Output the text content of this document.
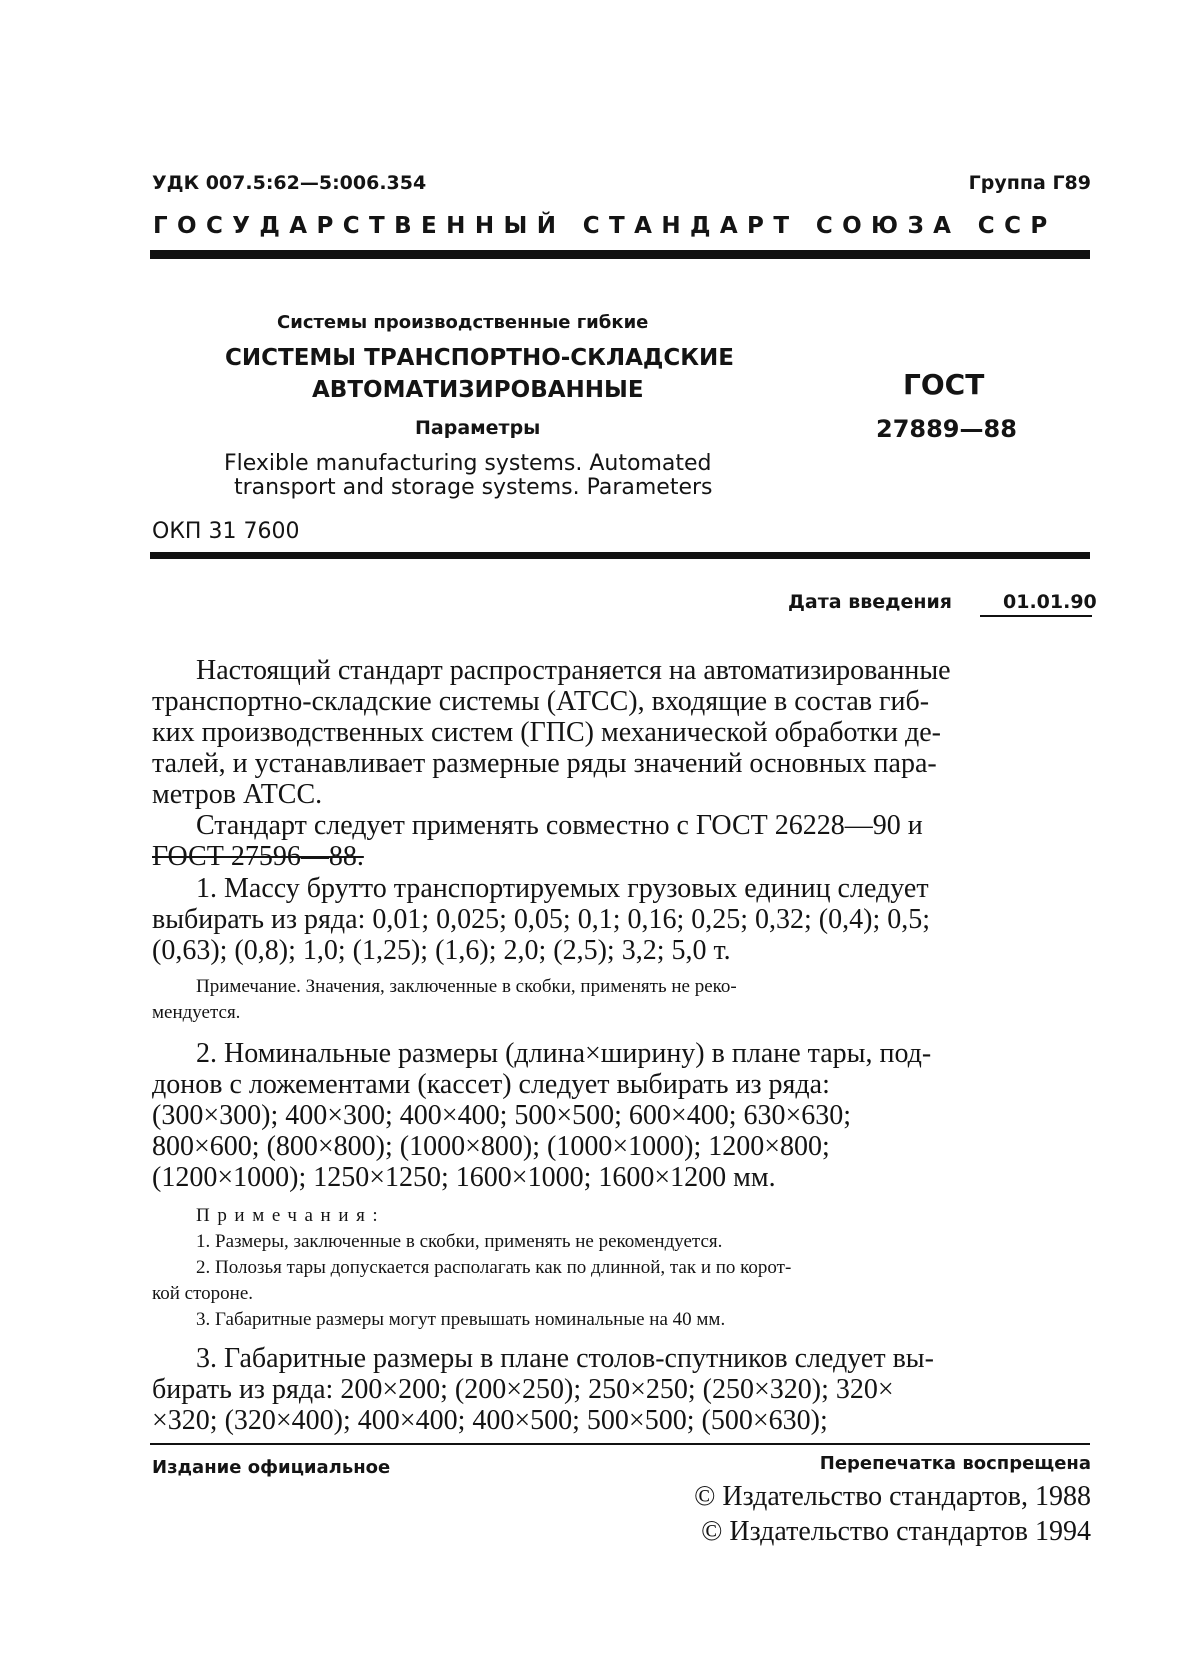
УДК 007.5:62—5:006.354	Группа Г89
ГОСУДАРСТВЕННЫЙ СТАНДАРТ СОЮЗА ССР
Системы производственные гибкие
СИСТЕМЫ ТРАНСПОРТНО-СКЛАДСКИЕ
АВТОМАТИЗИРОВАННЫЕ
Параметры
Flexible manufacturing systems. Automated
transport and storage systems. Parameters
ГОСТ
27889—88
ОКП 31 7600
Дата введения	01.01.90
Настоящий стандарт распространяется на автоматизированные
транспортно-складские системы (АТСС), входящие в состав гиб-
ких производственных систем (ГПС) механической обработки де-
талей, и устанавливает размерные ряды значений основных пара-
метров АТСС.
Стандарт следует применять совместно с ГОСТ 26228—90 и
ГОСТ 27596—88.
1. Массу брутто транспортируемых грузовых единиц следует
выбирать из ряда: 0,01; 0,025; 0,05; 0,1; 0,16; 0,25; 0,32; (0,4); 0,5;
(0,63); (0,8); 1,0; (1,25); (1,6); 2,0; (2,5); 3,2; 5,0 т.
Примечание. Значения, заключенные в скобки, применять не реко-
мендуется.
2. Номинальные размеры (длина×ширину) в плане тары, под-
донов с ложементами (кассет) следует выбирать из ряда:
(300×300); 400×300; 400×400; 500×500; 600×400; 630×630;
800×600; (800×800); (1000×800); (1000×1000); 1200×800;
(1200×1000); 1250×1250; 1600×1000; 1600×1200 мм.
Примечания:
1. Размеры, заключенные в скобки, применять не рекомендуется.
2. Полозья тары допускается располагать как по длинной, так и по корот-
кой стороне.
3. Габаритные размеры могут превышать номинальные на 40 мм.
3. Габаритные размеры в плане столов-спутников следует вы-
бирать из ряда: 200×200; (200×250); 250×250; (250×320); 320×
×320; (320×400); 400×400; 400×500; 500×500; (500×630);
Издание официальное	Перепечатка воспрещена
© Издательство стандартов, 1988
© Издательство стандартов 1994
